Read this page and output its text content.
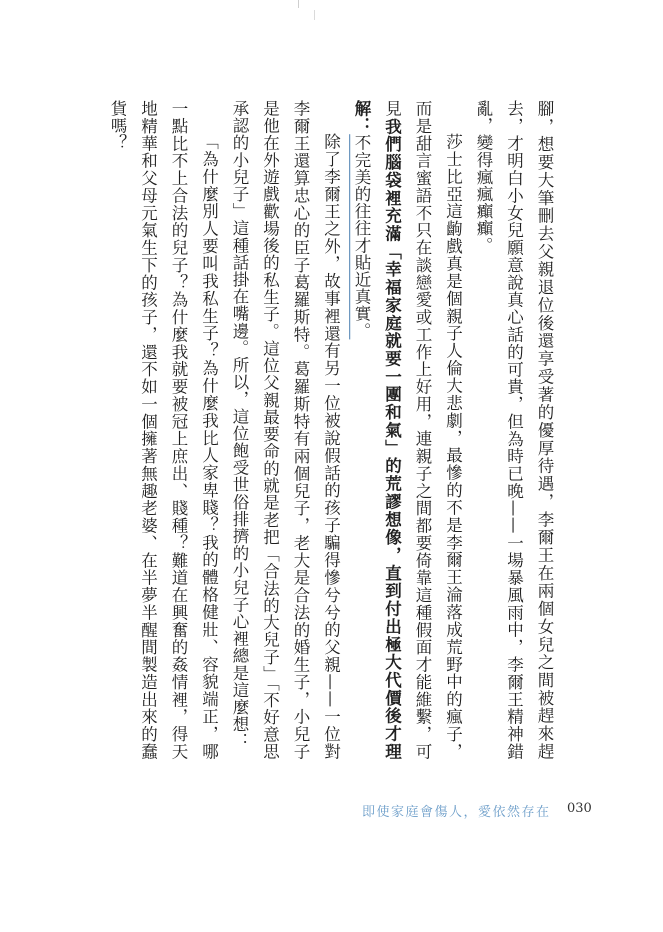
腳，想要大筆刪去父親退位後還享受著的優厚待遇，李爾王在兩個女兒之間被趕來趕去，才明白小女兒願意說真心話的可貴，但為時已晚——一場暴風雨中，李爾王精神錯亂，變得瘋瘋癲癲。

莎士比亞這齣戲真是個親子人倫大悲劇，最慘的不是李爾王淪落成荒野中的瘋子，而是甜言蜜語不只在談戀愛或工作上好用，連親子之間都要倚靠這種假面才能維繫，可見我們腦袋裡充滿「幸福家庭就要一團和氣」的荒謬想像，直到付出極大代價後才理解：不完美的往往才貼近真實。

除了李爾王之外，故事裡還有另一位被說假話的孩子騙得慘兮兮的父親——一位對李爾王還算忠心的臣子葛羅斯特。葛羅斯特有兩個兒子，老大是合法的婚生子，小兒子是他在外遊戲歡場後的私生子。這位父親最要命的就是老把「合法的大兒子」「不好意思承認的小兒子」這種話掛在嘴邊。所以，這位飽受世俗排擠的小兒子心裡總是這麼想：

「為什麼別人要叫我私生子？為什麼我比人家卑賤？我的體格健壯、容貌端正，哪一點比不上合法的兒子？為什麼我就要被冠上庶出、賤種？難道在興奮的姦情裡，得天地精華和父母元氣生下的孩子，還不如一個擁著無趣老婆、在半夢半醒間製造出來的蠢貨嗎？

即使家庭會傷人，愛依然存在 030
